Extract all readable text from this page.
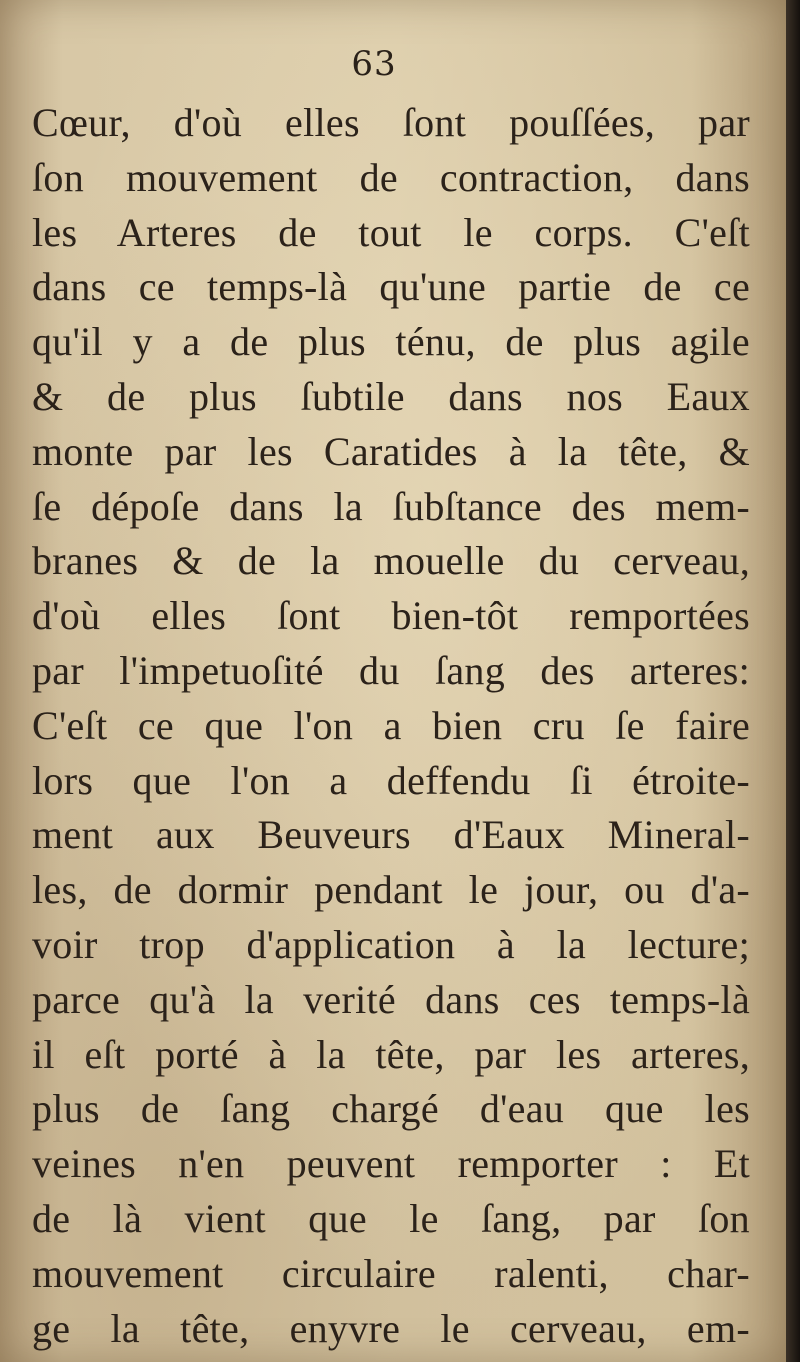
63
Cœur, d'où elles ſont pouſſées, par
ſon mouvement de contraction, dans
les Arteres de tout le corps. C'eſt
dans ce temps-là qu'une partie de ce
qu'il y a de plus ténu, de plus agile
& de plus ſubtile dans nos Eaux
monte par les Caratides à la tête, &
ſe dépoſe dans la ſubſtance des mem-
branes & de la mouelle du cerveau,
d'où elles ſont bien-tôt remportées
par l'impetuoſité du ſang des arteres:
C'eſt ce que l'on a bien cru ſe faire
lors que l'on a deffendu ſi étroite-
ment aux Beuveurs d'Eaux Mineral-
les, de dormir pendant le jour, ou d'a-
voir trop d'application à la lecture;
parce qu'à la verité dans ces temps-là
il eſt porté à la tête, par les arteres,
plus de ſang chargé d'eau que les
veines n'en peuvent remporter : Et
de là vient que le ſang, par ſon
mouvement circulaire ralenti, char-
ge la tête, enyvre le cerveau, em-
